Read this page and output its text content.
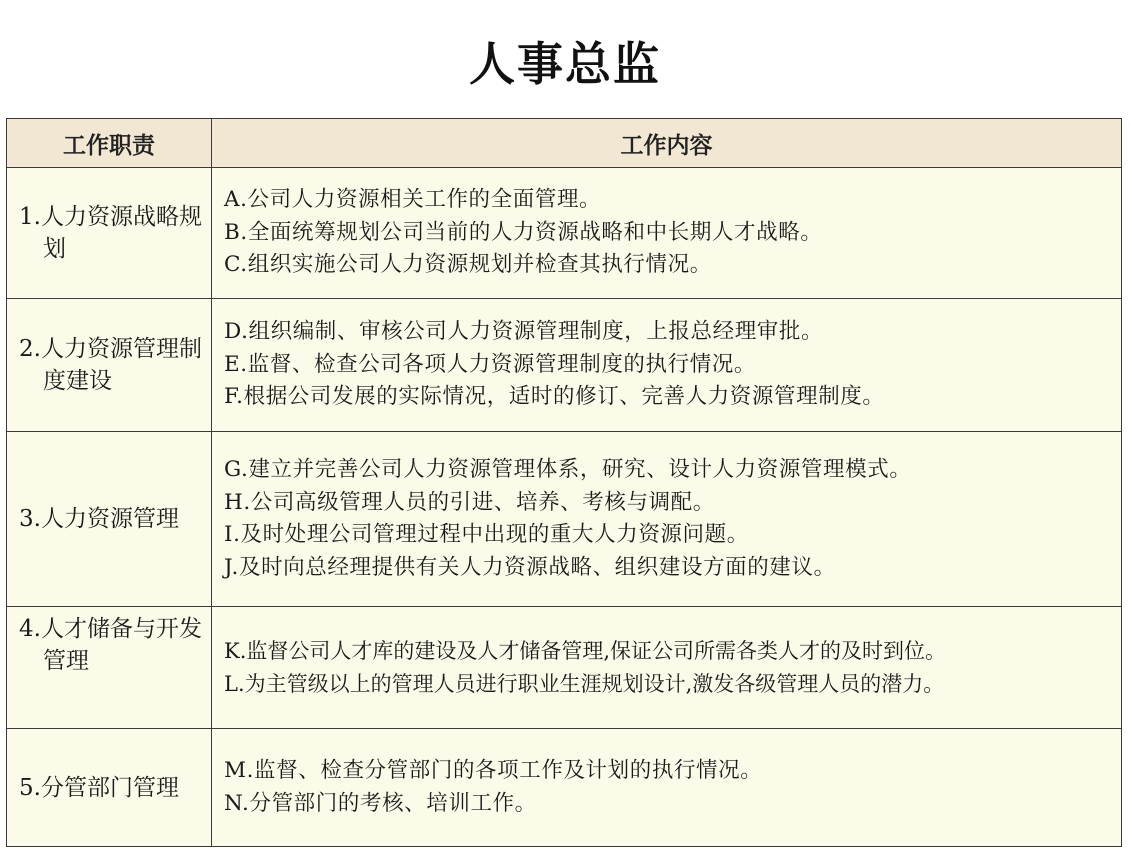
人事总监
工作职责	工作内容

1.人力资源战略规划	A.公司人力资源相关工作的全面管理。
B.全面统筹规划公司当前的人力资源战略和中长期人才战略。
C.组织实施公司人力资源规划并检查其执行情况。

2.人力资源管理制度建设	D.组织编制、审核公司人力资源管理制度，上报总经理审批。
E.监督、检查公司各项人力资源管理制度的执行情况。
F.根据公司发展的实际情况，适时的修订、完善人力资源管理制度。

3.人力资源管理	G.建立并完善公司人力资源管理体系，研究、设计人力资源管理模式。
H.公司高级管理人员的引进、培养、考核与调配。
I.及时处理公司管理过程中出现的重大人力资源问题。
J.及时向总经理提供有关人力资源战略、组织建设方面的建议。

4.人才储备与开发管理	K.监督公司人才库的建设及人才储备管理,保证公司所需各类人才的及时到位。
L.为主管级以上的管理人员进行职业生涯规划设计,激发各级管理人员的潜力。

5.分管部门管理	M.监督、检查分管部门的各项工作及计划的执行情况。
N.分管部门的考核、培训工作。
